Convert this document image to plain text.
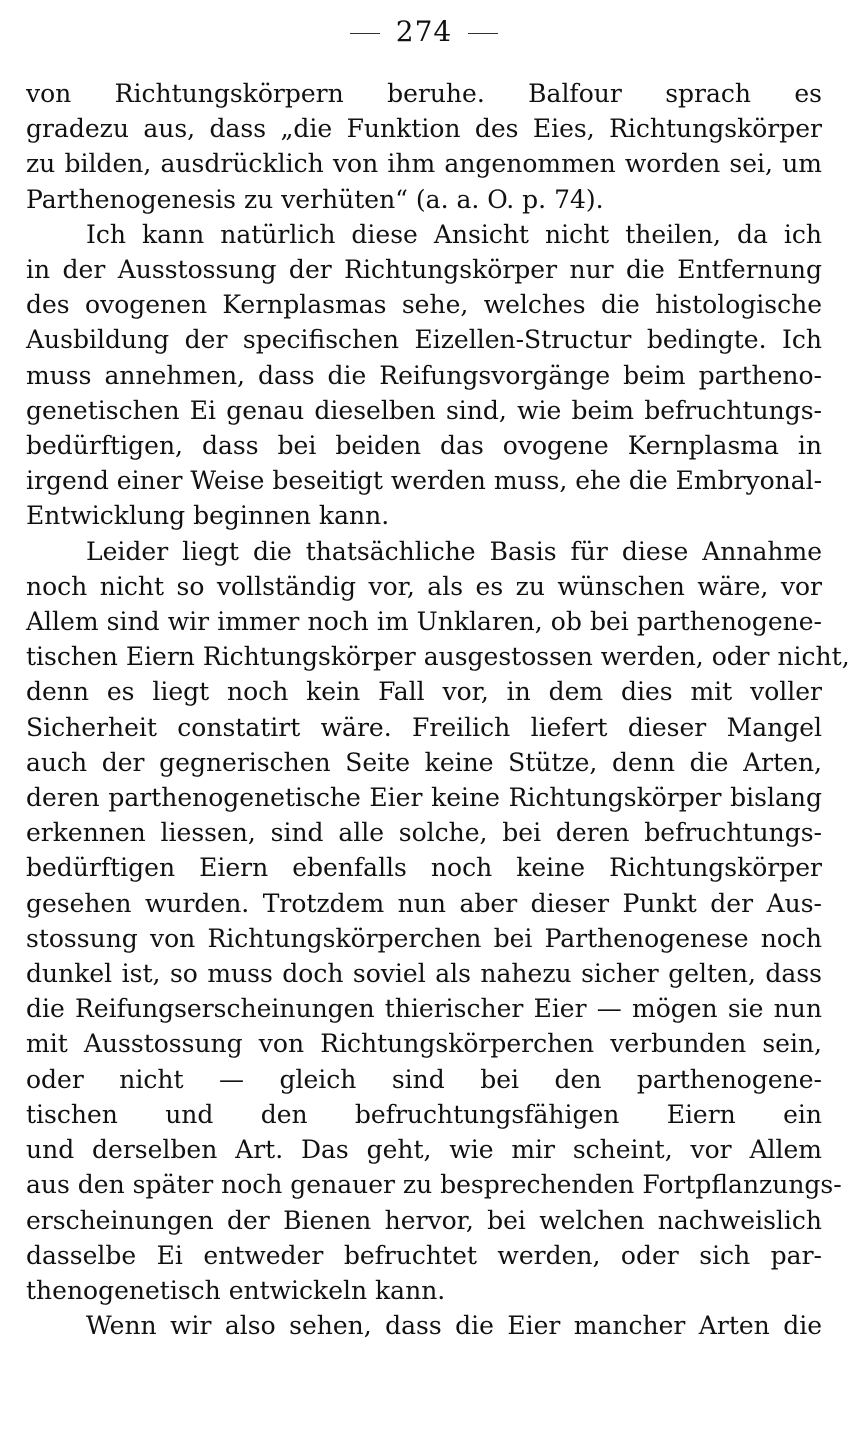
274
von Richtungskörpern beruhe. Balfour sprach es
gradezu aus, dass „die Funktion des Eies, Richtungskörper
zu bilden, ausdrücklich von ihm angenommen worden sei, um
Parthenogenesis zu verhüten“ (a. a. O. p. 74).
Ich kann natürlich diese Ansicht nicht theilen, da ich
in der Ausstossung der Richtungskörper nur die Entfernung
des ovogenen Kernplasmas sehe, welches die histologische
Ausbildung der specifischen Eizellen-Structur bedingte. Ich
muss annehmen, dass die Reifungsvorgänge beim partheno-
genetischen Ei genau dieselben sind, wie beim befruchtungs-
bedürftigen, dass bei beiden das ovogene Kernplasma in
irgend einer Weise beseitigt werden muss, ehe die Embryonal-
Entwicklung beginnen kann.
Leider liegt die thatsächliche Basis für diese Annahme
noch nicht so vollständig vor, als es zu wünschen wäre, vor
Allem sind wir immer noch im Unklaren, ob bei parthenogene-
tischen Eiern Richtungskörper ausgestossen werden, oder nicht,
denn es liegt noch kein Fall vor, in dem dies mit voller
Sicherheit constatirt wäre. Freilich liefert dieser Mangel
auch der gegnerischen Seite keine Stütze, denn die Arten,
deren parthenogenetische Eier keine Richtungskörper bislang
erkennen liessen, sind alle solche, bei deren befruchtungs-
bedürftigen Eiern ebenfalls noch keine Richtungskörper
gesehen wurden. Trotzdem nun aber dieser Punkt der Aus-
stossung von Richtungskörperchen bei Parthenogenese noch
dunkel ist, so muss doch soviel als nahezu sicher gelten, dass
die Reifungserscheinungen thierischer Eier — mögen sie nun
mit Ausstossung von Richtungskörperchen verbunden sein,
oder nicht — gleich sind bei den parthenogene-
tischen und den befruchtungsfähigen Eiern ein
und derselben Art. Das geht, wie mir scheint, vor Allem
aus den später noch genauer zu besprechenden Fortpflanzungs-
erscheinungen der Bienen hervor, bei welchen nachweislich
dasselbe Ei entweder befruchtet werden, oder sich par-
thenogenetisch entwickeln kann.
Wenn wir also sehen, dass die Eier mancher Arten die
